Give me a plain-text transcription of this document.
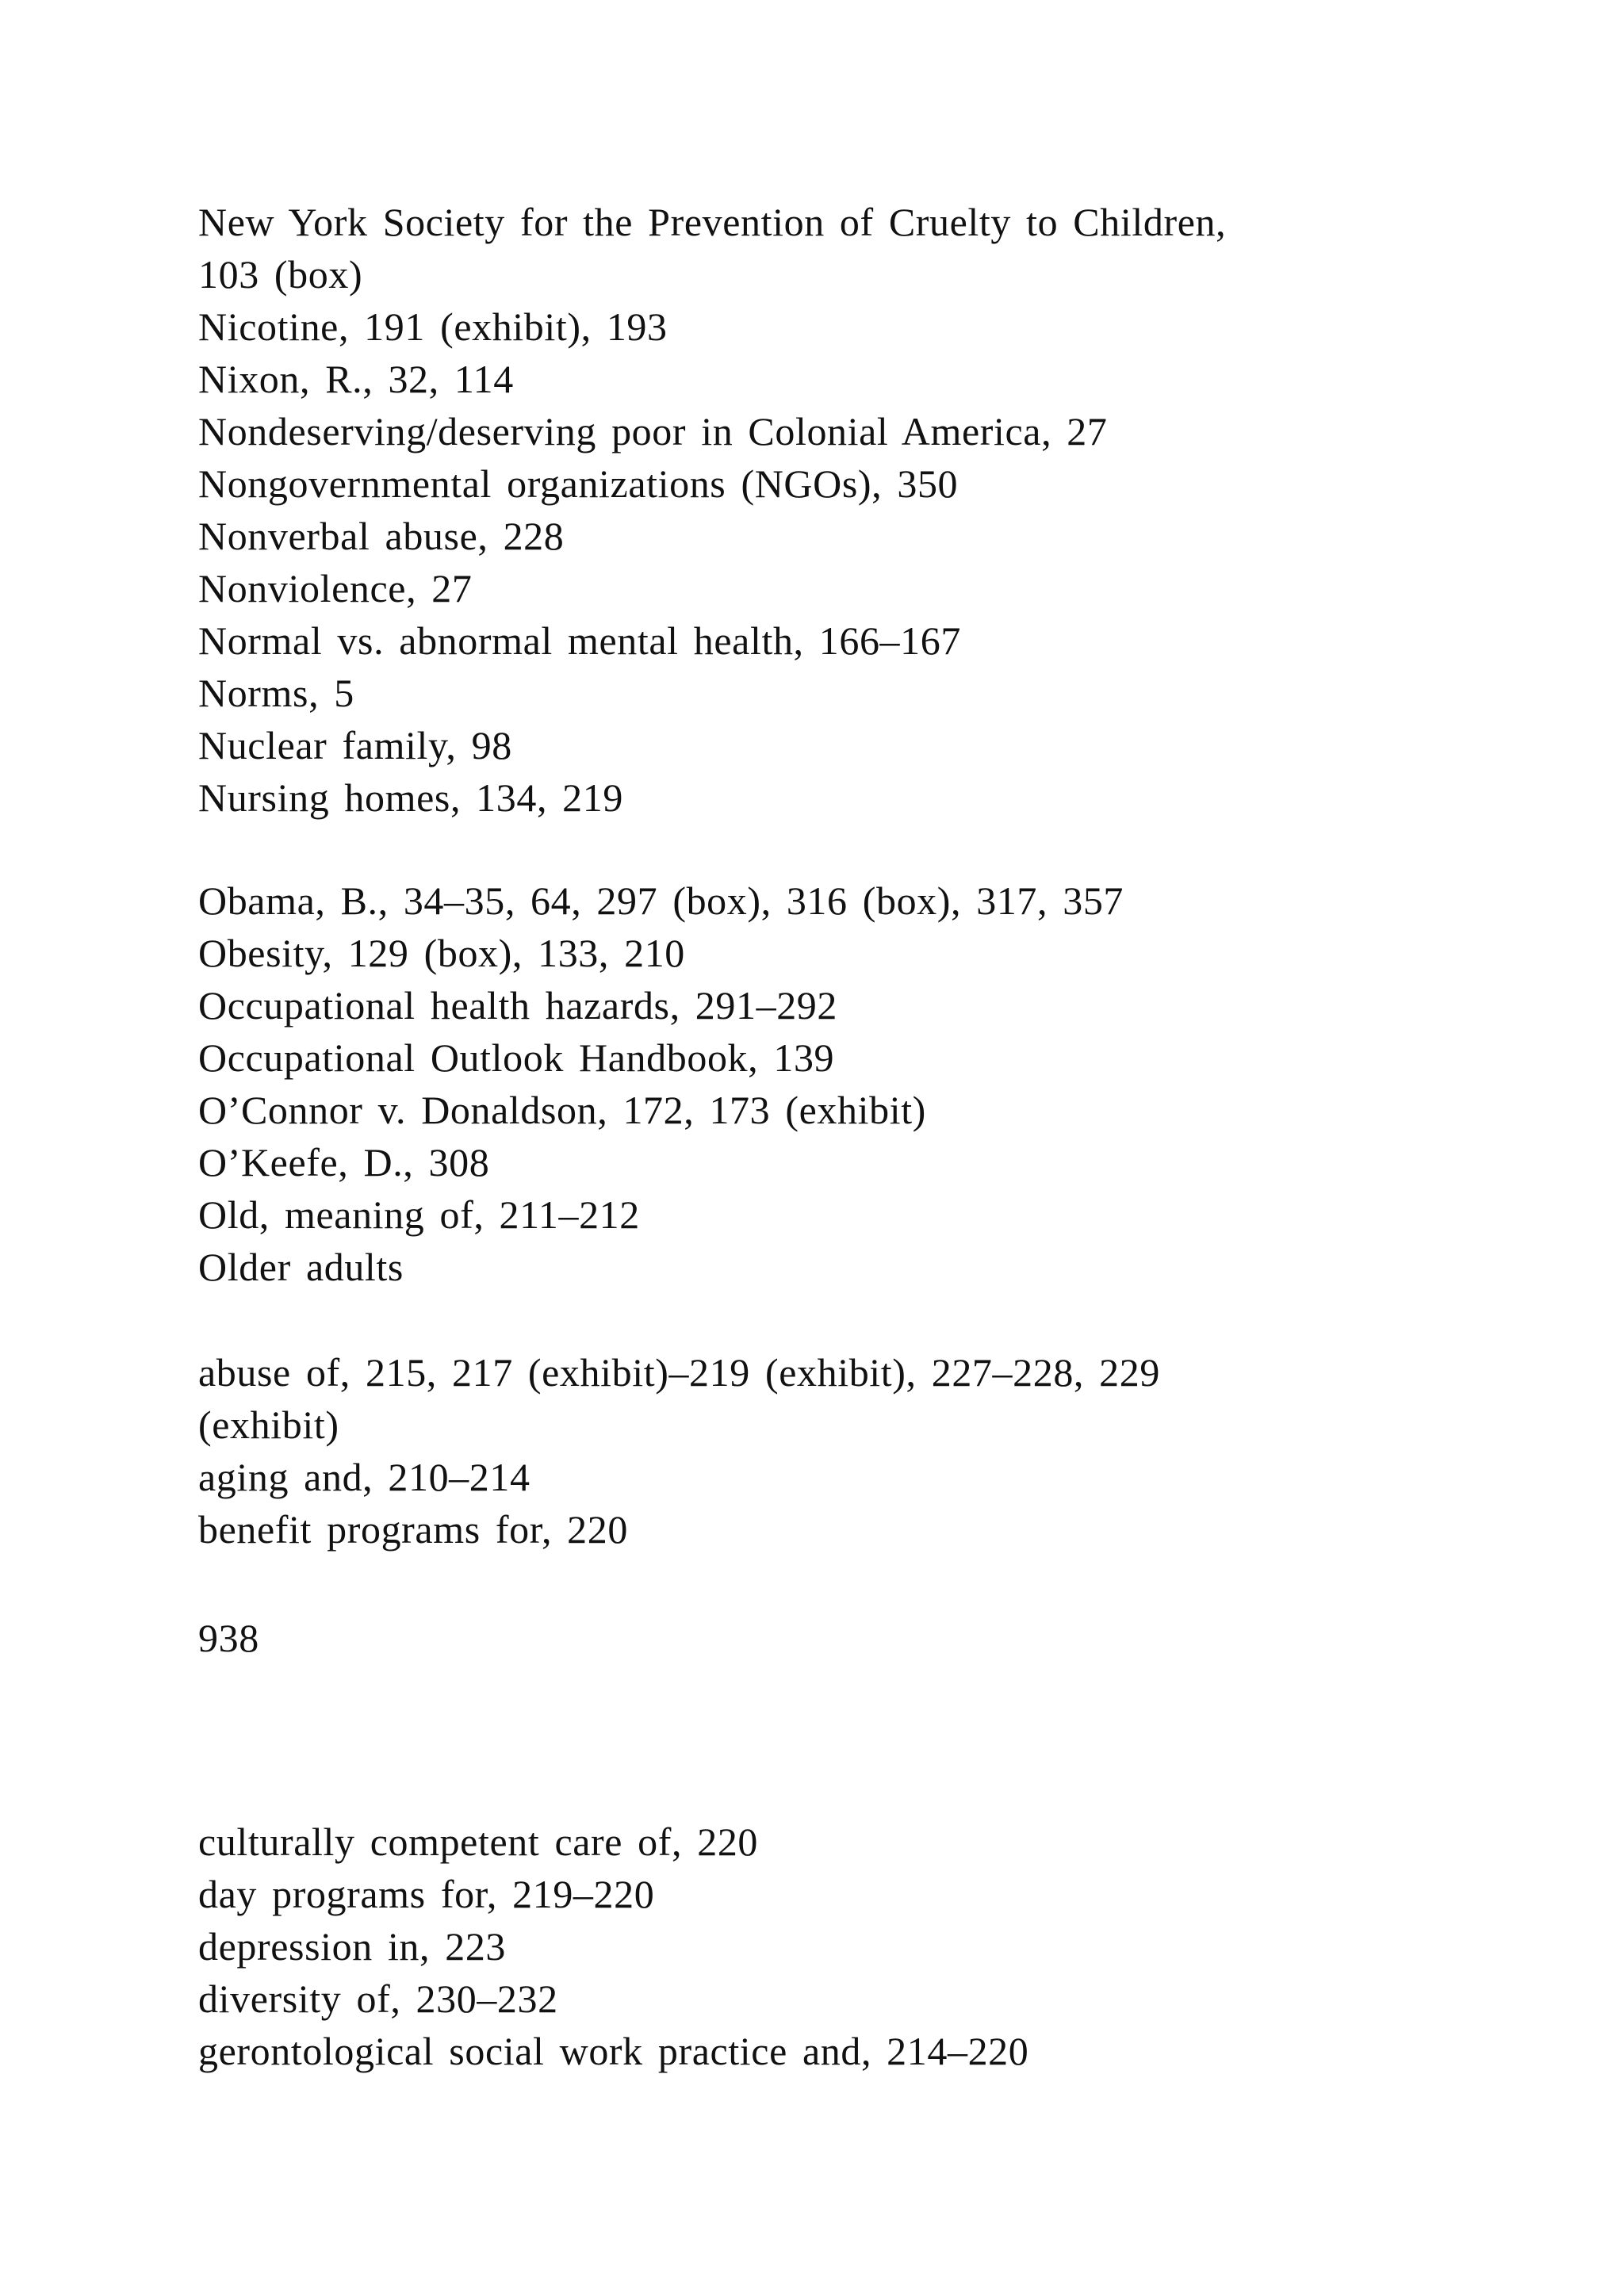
New York Society for the Prevention of Cruelty to Children,
103 (box)
Nicotine, 191 (exhibit), 193
Nixon, R., 32, 114
Nondeserving/deserving poor in Colonial America, 27
Nongovernmental organizations (NGOs), 350
Nonverbal abuse, 228
Nonviolence, 27
Normal vs. abnormal mental health, 166–167
Norms, 5
Nuclear family, 98
Nursing homes, 134, 219
Obama, B., 34–35, 64, 297 (box), 316 (box), 317, 357
Obesity, 129 (box), 133, 210
Occupational health hazards, 291–292
Occupational Outlook Handbook, 139
O’Connor v. Donaldson, 172, 173 (exhibit)
O’Keefe, D., 308
Old, meaning of, 211–212
Older adults
abuse of, 215, 217 (exhibit)–219 (exhibit), 227–228, 229
(exhibit)
aging and, 210–214
benefit programs for, 220
938
culturally competent care of, 220
day programs for, 219–220
depression in, 223
diversity of, 230–232
gerontological social work practice and, 214–220
